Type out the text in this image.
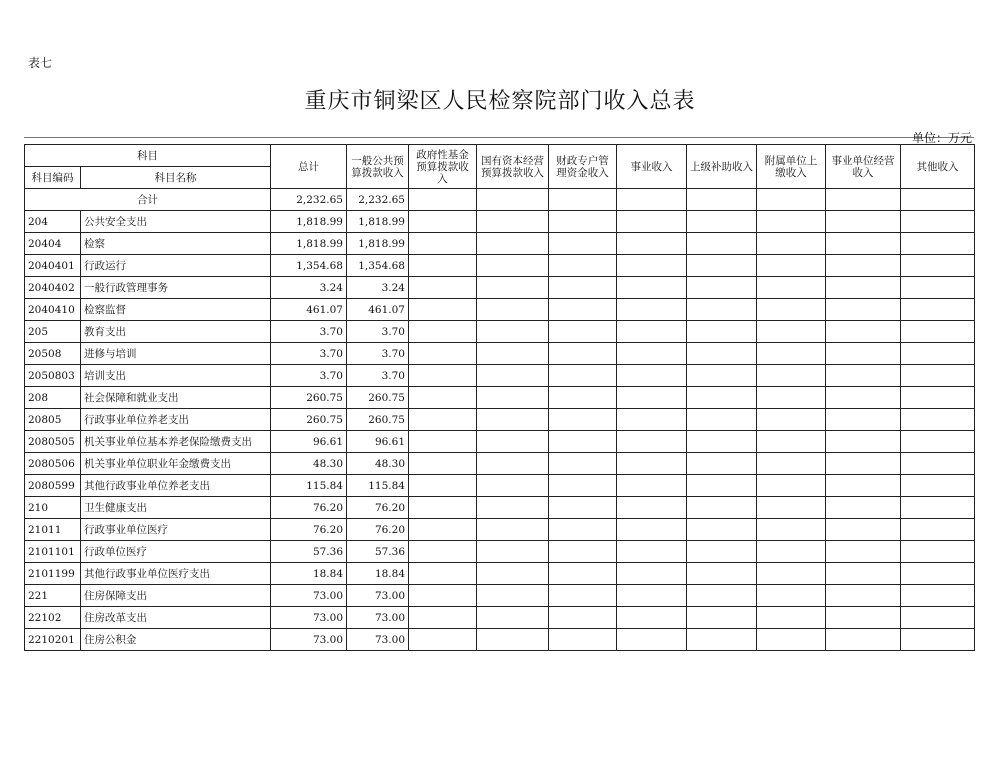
表七
重庆市铜梁区人民检察院部门收入总表
单位：万元
科目		总计	一般公共预算拨款收入	政府性基金预算拨款收入	国有资本经营预算拨款收入	财政专户管理资金收入	事业收入	上级补助收入	附属单位上缴收入	事业单位经营收入	其他收入
科目编码	科目名称										
合计		2,232.65	2,232.65								
204	公共安全支出	1,818.99	1,818.99								
20404	检察	1,818.99	1,818.99								
2040401	行政运行	1,354.68	1,354.68								
2040402	一般行政管理事务	3.24	3.24								
2040410	检察监督	461.07	461.07								
205	教育支出	3.70	3.70								
20508	进修与培训	3.70	3.70								
2050803	培训支出	3.70	3.70								
208	社会保障和就业支出	260.75	260.75								
20805	行政事业单位养老支出	260.75	260.75								
2080505	机关事业单位基本养老保险缴费支出	96.61	96.61								
2080506	机关事业单位职业年金缴费支出	48.30	48.30								
2080599	其他行政事业单位养老支出	115.84	115.84								
210	卫生健康支出	76.20	76.20								
21011	行政事业单位医疗	76.20	76.20								
2101101	行政单位医疗	57.36	57.36								
2101199	其他行政事业单位医疗支出	18.84	18.84								
221	住房保障支出	73.00	73.00								
22102	住房改革支出	73.00	73.00								
2210201	住房公积金	73.00	73.00								
